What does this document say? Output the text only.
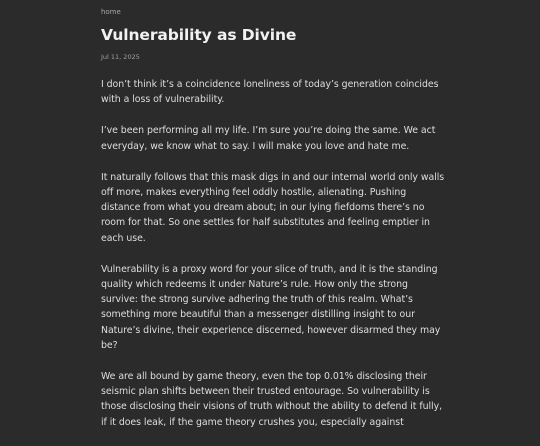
home
Vulnerability as Divine
Jul 11, 2025

I don’t think it’s a coincidence loneliness of today’s generation coincides with a loss of vulnerability.

I’ve been performing all my life. I’m sure you’re doing the same. We act everyday, we know what to say. I will make you love and hate me.

It naturally follows that this mask digs in and our internal world only walls off more, makes everything feel oddly hostile, alienating. Pushing distance from what you dream about; in our lying fiefdoms there’s no room for that. So one settles for half substitutes and feeling emptier in each use.

Vulnerability is a proxy word for your slice of truth, and it is the standing quality which redeems it under Nature’s rule. How only the strong survive: the strong survive adhering the truth of this realm. What’s something more beautiful than a messenger distilling insight to our Nature’s divine, their experience discerned, however disarmed they may be?

We are all bound by game theory, even the top 0.01% disclosing their seismic plan shifts between their trusted entourage. So vulnerability is those disclosing their visions of truth without the ability to defend it fully, if it does leak, if the game theory crushes you, especially against
